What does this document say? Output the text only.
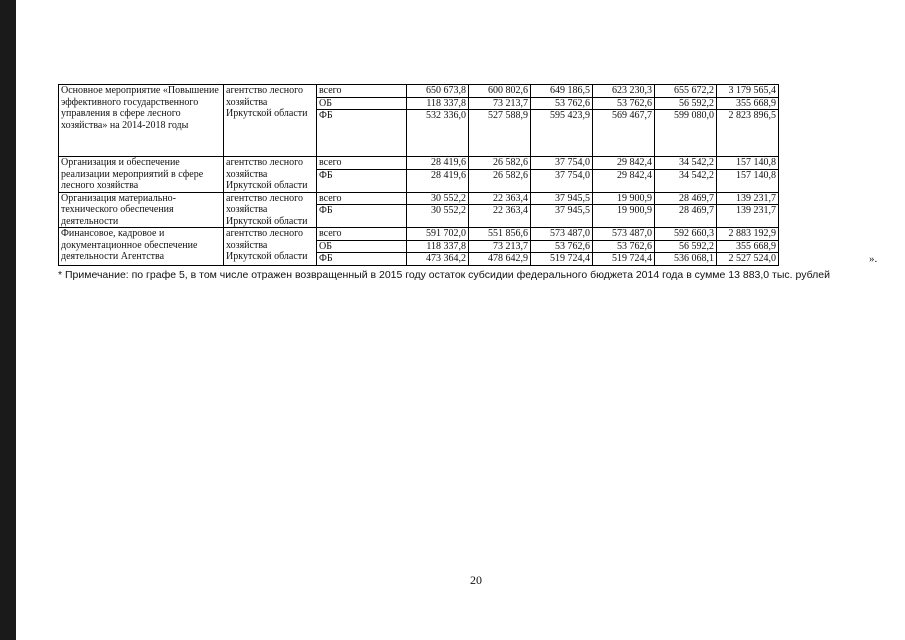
Основное мероприятие «Повышение эффективного государственного управления в сфере лесного хозяйства» на 2014-2018 годы	агентство лесного хозяйства Иркутской области	всего	650 673,8	600 802,6	649 186,5	623 230,3	655 672,2	3 179 565,4
		ОБ	118 337,8	73 213,7	53 762,6	53 762,6	56 592,2	355 668,9
		ФБ	532 336,0	527 588,9	595 423,9	569 467,7	599 080,0	2 823 896,5
Организация и обеспечение реализации мероприятий в сфере лесного хозяйства	агентство лесного хозяйства Иркутской области	всего	28 419,6	26 582,6	37 754,0	29 842,4	34 542,2	157 140,8
		ФБ	28 419,6	26 582,6	37 754,0	29 842,4	34 542,2	157 140,8
Организация материально-технического обеспечения деятельности	агентство лесного хозяйства Иркутской области	всего	30 552,2	22 363,4	37 945,5	19 900,9	28 469,7	139 231,7
		ФБ	30 552,2	22 363,4	37 945,5	19 900,9	28 469,7	139 231,7
Финансовое, кадровое и документационное обеспечение деятельности Агентства	агентство лесного хозяйства Иркутской области	всего	591 702,0	551 856,6	573 487,0	573 487,0	592 660,3	2 883 192,9
		ОБ	118 337,8	73 213,7	53 762,6	53 762,6	56 592,2	355 668,9
		ФБ	473 364,2	478 642,9	519 724,4	519 724,4	536 068,1	2 527 524,0	».
* Примечание: по графе 5, в том числе отражен возвращенный в 2015 году остаток субсидии федерального бюджета 2014 года в сумме 13 883,0 тыс. рублей
20
